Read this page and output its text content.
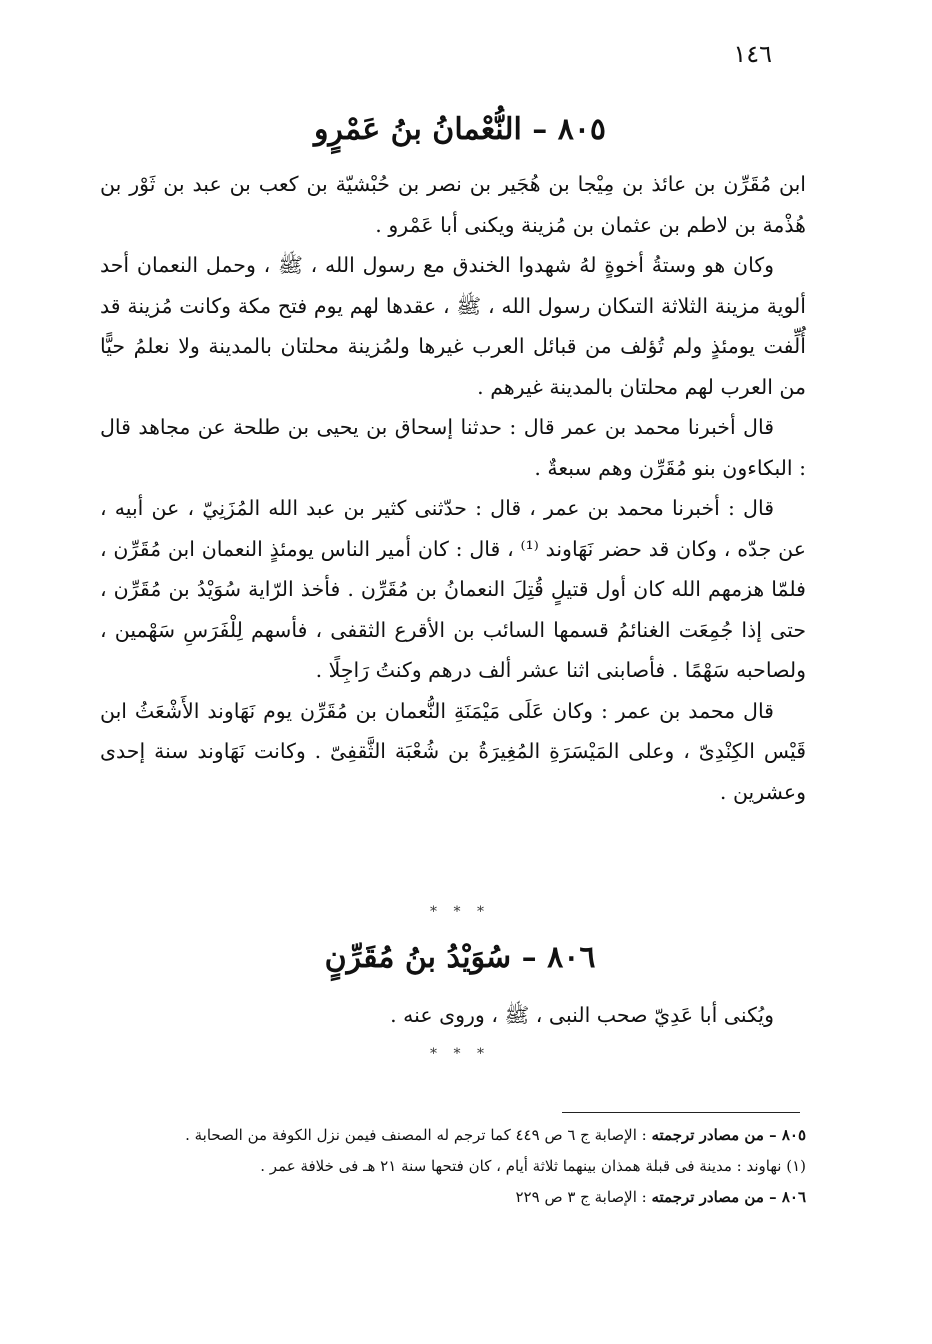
١٤٦
٨٠٥ – النُّعْمانُ بنُ عَمْرٍو

ابن مُقَرِّن بن عائذ بن مِيْجا بن هُجَير بن نصر بن حُبْشيّة بن كعب بن عبد بن ثَوْر بن هُذْمة بن لاطم بن عثمان بن مُزينة ويكنى أبا عَمْرو .

وكان هو وستةُ أخوةٍ لهُ شهدوا الخندق مع رسول الله ، ﷺ ، وحمل النعمان أحد ألوية مزينة الثلاثة التىكان رسول الله ، ﷺ ، عقدها لهم يوم فتح مكة وكانت مُزينة قد أُلِّفت يومئذٍ ولم تُؤلف من قبائل العرب غيرها ولمُزينة محلتان بالمدينة ولا نعلمُ حيًّا من العرب لهم محلتان بالمدينة غيرهم .

قال أخبرنا محمد بن عمر قال : حدثنا إسحاق بن يحيى بن طلحة عن مجاهد قال : البكاءون بنو مُقَرِّن وهم سبعةٌ .

قال : أخبرنا محمد بن عمر ، قال : حدّثنى كثير بن عبد الله المُزَنِيّ ، عن أبيه ، عن جدّه ، وكان قد حضر نَهَاوند ⁽¹⁾ ، قال : كان أمير الناس يومئذٍ النعمان ابن مُقَرِّن ، فلمّا هزمهم الله كان أول قتيلٍ قُتِلَ النعمانُ بن مُقَرِّن . فأخذ الرّاية سُوَيْدُ بن مُقَرِّن ، حتى إذا جُمِعَت الغنائمُ قسمها السائب بن الأقرع الثقفى ، فأسهم لِلْفَرَسِ سَهْمين ، ولصاحبه سَهْمًا . فأصابنى اثنا عشر ألف درهم وكنتُ رَاجِلًا .

قال محمد بن عمر : وكان عَلَى مَيْمَنَةِ النُّعمان بن مُقَرِّن يوم نَهَاوند الأَشْعَثُ ابن قَيْس الكِنْدِىّ ، وعلى المَيْسَرَةِ المُغِيرَةُ بن شُعْبَة الثَّقفِىّ . وكانت نَهَاوند سنة إحدى وعشرين .

* * *
٨٠٦ – سُوَيْدُ بنُ مُقَرِّنٍ

ويُكنى أبا عَدِيّ صحب النبى ، ﷺ ، وروى عنه .

* * *

٨٠٥ – من مصادر ترجمته : الإصابة ج ٦ ص ٤٤٩ كما ترجم له المصنف فيمن نزل الكوفة من الصحابة .

(١) نهاوند : مدينة فى قبلة همذان بينهما ثلاثة أيام ، كان فتحها سنة ٢١ هـ فى خلافة عمر .

٨٠٦ – من مصادر ترجمته : الإصابة ج ٣ ص ٢٢٩
